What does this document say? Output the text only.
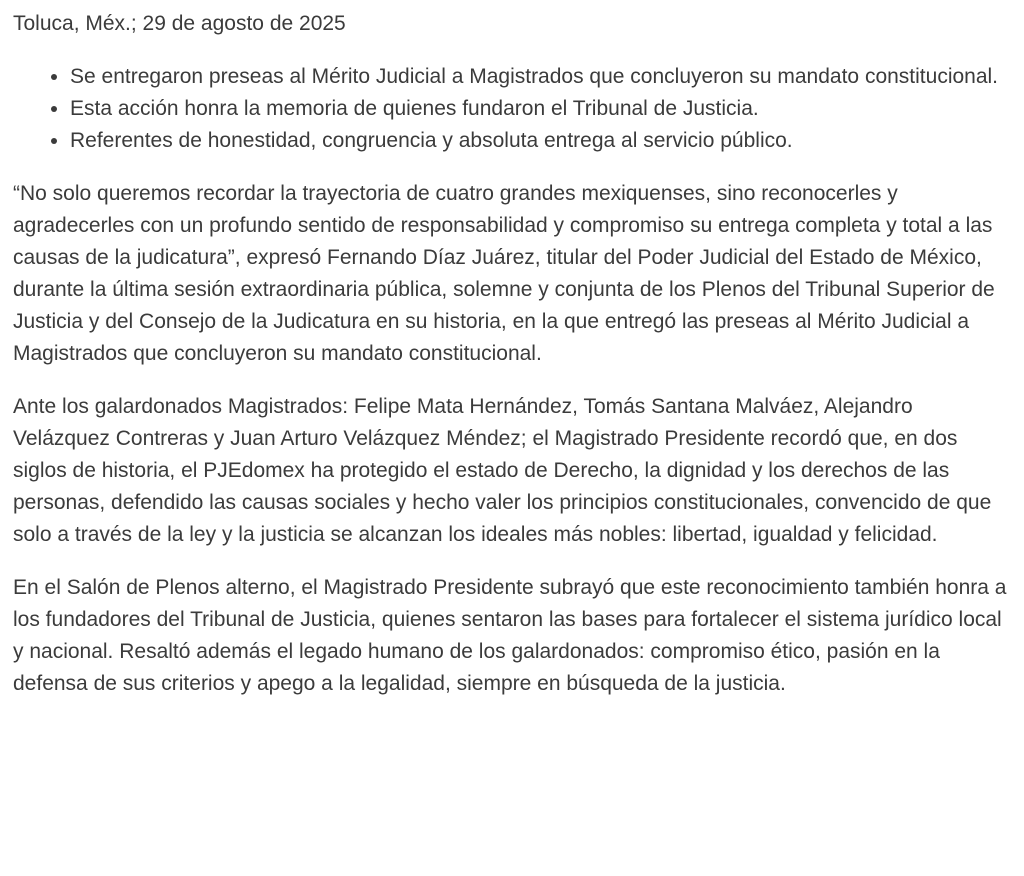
Toluca, Méx.; 29 de agosto de 2025

• Se entregaron preseas al Mérito Judicial a Magistrados que concluyeron su mandato constitucional.
• Esta acción honra la memoria de quienes fundaron el Tribunal de Justicia.
• Referentes de honestidad, congruencia y absoluta entrega al servicio público.

“No solo queremos recordar la trayectoria de cuatro grandes mexiquenses, sino reconocerles y agradecerles con un profundo sentido de responsabilidad y compromiso su entrega completa y total a las causas de la judicatura”, expresó Fernando Díaz Juárez, titular del Poder Judicial del Estado de México, durante la última sesión extraordinaria pública, solemne y conjunta de los Plenos del Tribunal Superior de Justicia y del Consejo de la Judicatura en su historia, en la que entregó las preseas al Mérito Judicial a Magistrados que concluyeron su mandato constitucional.

Ante los galardonados Magistrados: Felipe Mata Hernández, Tomás Santana Malváez, Alejandro Velázquez Contreras y Juan Arturo Velázquez Méndez; el Magistrado Presidente recordó que, en dos siglos de historia, el PJEdomex ha protegido el estado de Derecho, la dignidad y los derechos de las personas, defendido las causas sociales y hecho valer los principios constitucionales, convencido de que solo a través de la ley y la justicia se alcanzan los ideales más nobles: libertad, igualdad y felicidad.

En el Salón de Plenos alterno, el Magistrado Presidente subrayó que este reconocimiento también honra a los fundadores del Tribunal de Justicia, quienes sentaron las bases para fortalecer el sistema jurídico local y nacional. Resaltó además el legado humano de los galardonados: compromiso ético, pasión en la defensa de sus criterios y apego a la legalidad, siempre en búsqueda de la justicia.
